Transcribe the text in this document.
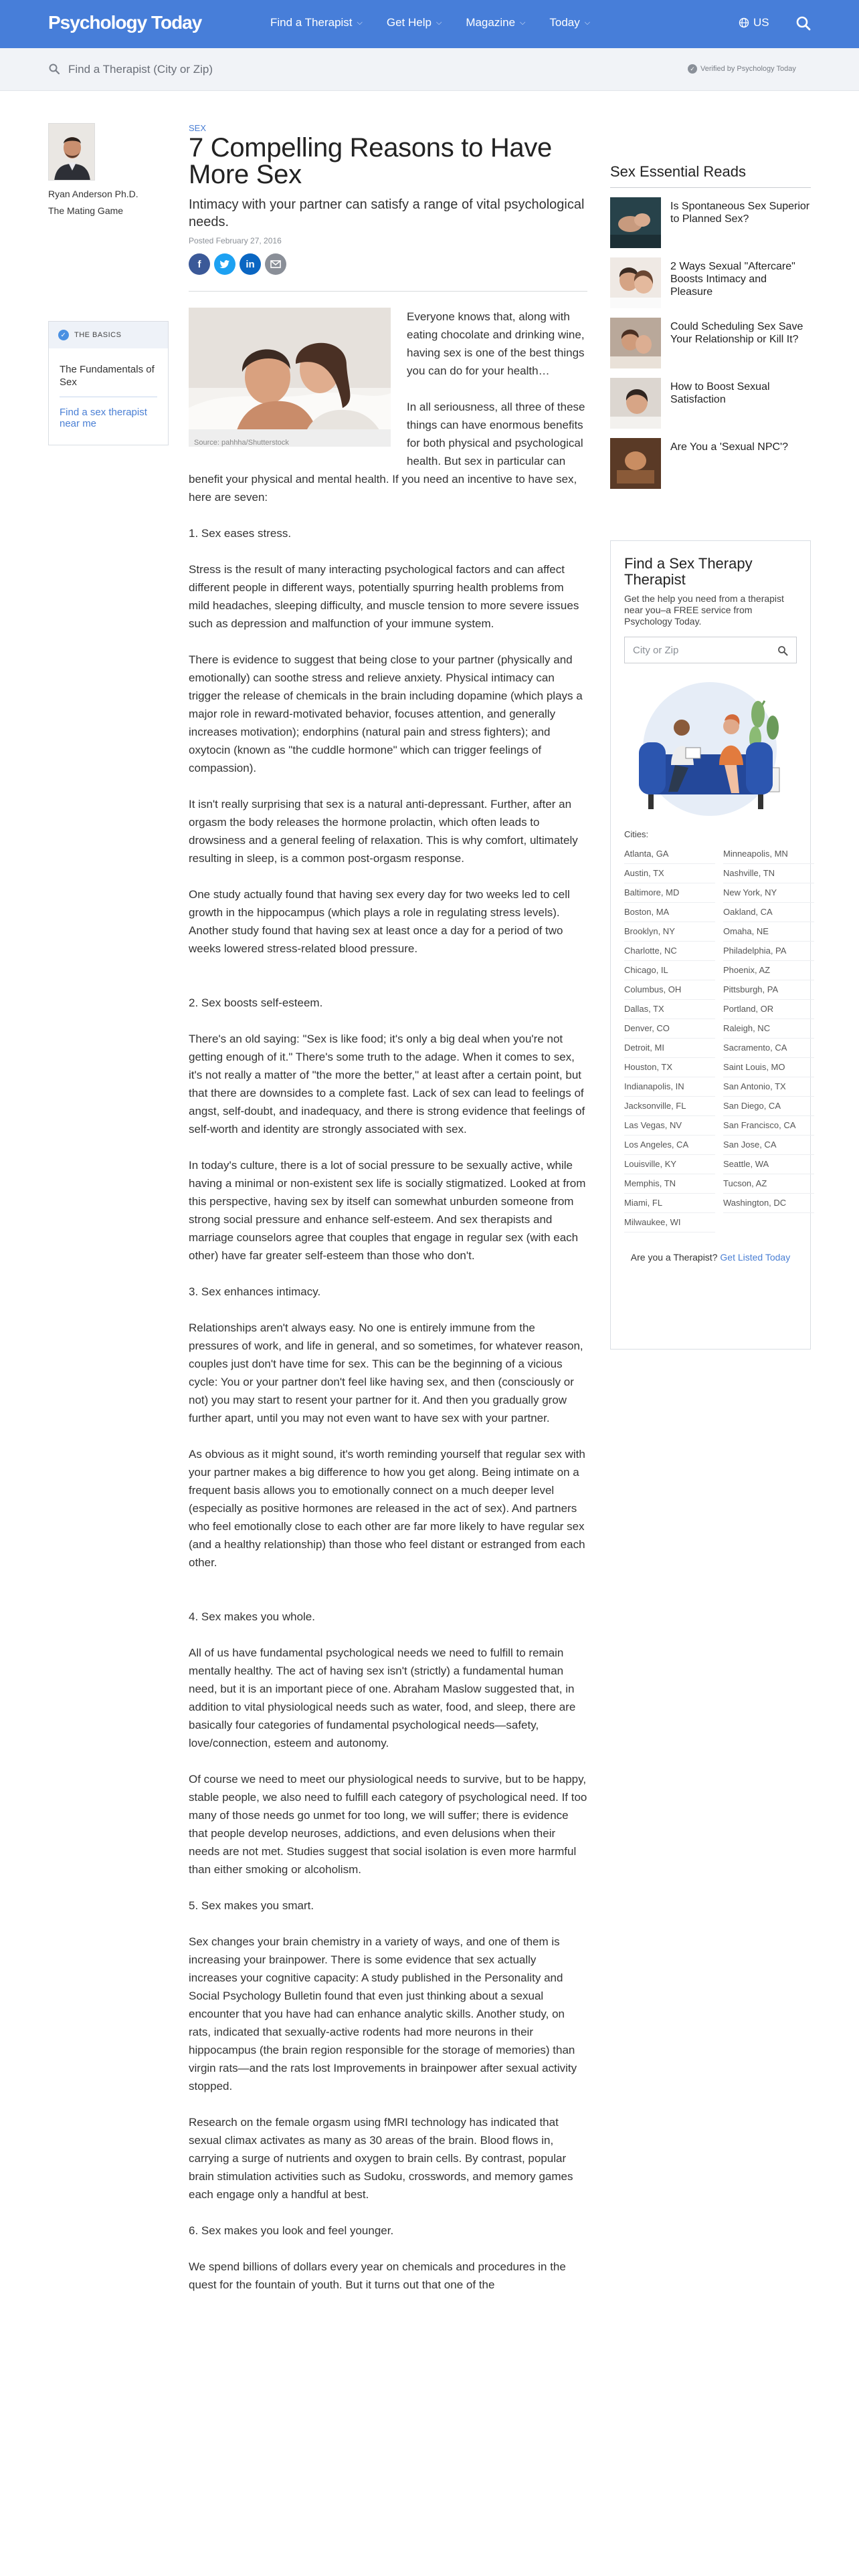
Psychology Today	Find a Therapist ⌵ Get Help ⌵ Magazine ⌵ Today ⌵	US
Find a Therapist (City or Zip)
✓ Verified by Psychology Today
Ryan Anderson Ph.D.
The Mating Game
✓	THE BASICS
The Fundamentals of Sex
Find a sex therapist near me
SEX
7 Compelling Reasons to Have More Sex
Intimacy with your partner can satisfy a range of vital psychological needs.
Posted February 27, 2016
f	in
Source: pahhha/Shutterstock

Everyone knows that, along with eating chocolate and drinking wine, having sex is one of the best things you can do for your health…

In all seriousness, all three of these things can have enormous benefits for both physical and psychological health. But sex in particular can benefit your physical and mental health. If you need an incentive to have sex, here are seven:

1. Sex eases stress.

Stress is the result of many interacting psychological factors and can affect different people in different ways, potentially spurring health problems from mild headaches, sleeping difficulty, and muscle tension to more severe issues such as depression and malfunction of your immune system.

There is evidence to suggest that being close to your partner (physically and emotionally) can soothe stress and relieve anxiety. Physical intimacy can trigger the release of chemicals in the brain including dopamine (which plays a major role in reward-motivated behavior, focuses attention, and generally increases motivation); endorphins (natural pain and stress fighters); and oxytocin (known as "the cuddle hormone" which can trigger feelings of compassion).

It isn't really surprising that sex is a natural anti-depressant. Further, after an orgasm the body releases the hormone prolactin, which often leads to drowsiness and a general feeling of relaxation. This is why comfort, ultimately resulting in sleep, is a common post-orgasm response.

One study actually found that having sex every day for two weeks led to cell growth in the hippocampus (which plays a role in regulating stress levels). Another study found that having sex at least once a day for a period of two weeks lowered stress-related blood pressure.

2. Sex boosts self-esteem.

There's an old saying: "Sex is like food; it's only a big deal when you're not getting enough of it." There's some truth to the adage. When it comes to sex, it's not really a matter of "the more the better," at least after a certain point, but that there are downsides to a complete fast. Lack of sex can lead to feelings of angst, self-doubt, and inadequacy, and there is strong evidence that feelings of self-worth and identity are strongly associated with sex.

In today's culture, there is a lot of social pressure to be sexually active, while having a minimal or non-existent sex life is socially stigmatized. Looked at from this perspective, having sex by itself can somewhat unburden someone from strong social pressure and enhance self-esteem. And sex therapists and marriage counselors agree that couples that engage in regular sex (with each other) have far greater self-esteem than those who don't.

3. Sex enhances intimacy.

Relationships aren't always easy. No one is entirely immune from the pressures of work, and life in general, and so sometimes, for whatever reason, couples just don't have time for sex. This can be the beginning of a vicious cycle: You or your partner don't feel like having sex, and then (consciously or not) you may start to resent your partner for it. And then you gradually grow further apart, until you may not even want to have sex with your partner.

As obvious as it might sound, it's worth reminding yourself that regular sex with your partner makes a big difference to how you get along. Being intimate on a frequent basis allows you to emotionally connect on a much deeper level (especially as positive hormones are released in the act of sex). And partners who feel emotionally close to each other are far more likely to have regular sex (and a healthy relationship) than those who feel distant or estranged from each other.

4. Sex makes you whole.

All of us have fundamental psychological needs we need to fulfill to remain mentally healthy. The act of having sex isn't (strictly) a fundamental human need, but it is an important piece of one. Abraham Maslow suggested that, in addition to vital physiological needs such as water, food, and sleep, there are basically four categories of fundamental psychological needs—safety, love/connection, esteem and autonomy.

Of course we need to meet our physiological needs to survive, but to be happy, stable people, we also need to fulfill each category of psychological need. If too many of those needs go unmet for too long, we will suffer; there is evidence that people develop neuroses, addictions, and even delusions when their needs are not met. Studies suggest that social isolation is even more harmful than either smoking or alcoholism.

5. Sex makes you smart.

Sex changes your brain chemistry in a variety of ways, and one of them is increasing your brainpower. There is some evidence that sex actually increases your cognitive capacity: A study published in the Personality and Social Psychology Bulletin found that even just thinking about a sexual encounter that you have had can enhance analytic skills. Another study, on rats, indicated that sexually-active rodents had more neurons in their hippocampus (the brain region responsible for the storage of memories) than virgin rats—and the rats lost Improvements in brainpower after sexual activity stopped.

Research on the female orgasm using fMRI technology has indicated that sexual climax activates as many as 30 areas of the brain. Blood flows in, carrying a surge of nutrients and oxygen to brain cells. By contrast, popular brain stimulation activities such as Sudoku, crosswords, and memory games each engage only a handful at best.

6. Sex makes you look and feel younger.

We spend billions of dollars every year on chemicals and procedures in the quest for the fountain of youth. But it turns out that one of the

Sex Essential Reads
Is Spontaneous Sex Superior to Planned Sex?
2 Ways Sexual "Aftercare" Boosts Intimacy and Pleasure
Could Scheduling Sex Save Your Relationship or Kill It?
How to Boost Sexual Satisfaction
Are You a 'Sexual NPC'?
Find a Sex Therapy Therapist
Get the help you need from a therapist near you–a FREE service from Psychology Today.
City or Zip
Cities:
Atlanta, GA
Austin, TX
Baltimore, MD
Boston, MA
Brooklyn, NY
Charlotte, NC
Chicago, IL
Columbus, OH
Dallas, TX
Denver, CO
Detroit, MI
Houston, TX
Indianapolis, IN
Jacksonville, FL
Las Vegas, NV
Los Angeles, CA
Louisville, KY
Memphis, TN
Miami, FL
Milwaukee, WI
Minneapolis, MN
Nashville, TN
New York, NY
Oakland, CA
Omaha, NE
Philadelphia, PA
Phoenix, AZ
Pittsburgh, PA
Portland, OR
Raleigh, NC
Sacramento, CA
Saint Louis, MO
San Antonio, TX
San Diego, CA
San Francisco, CA
San Jose, CA
Seattle, WA
Tucson, AZ
Washington, DC
Are you a Therapist? Get Listed Today
